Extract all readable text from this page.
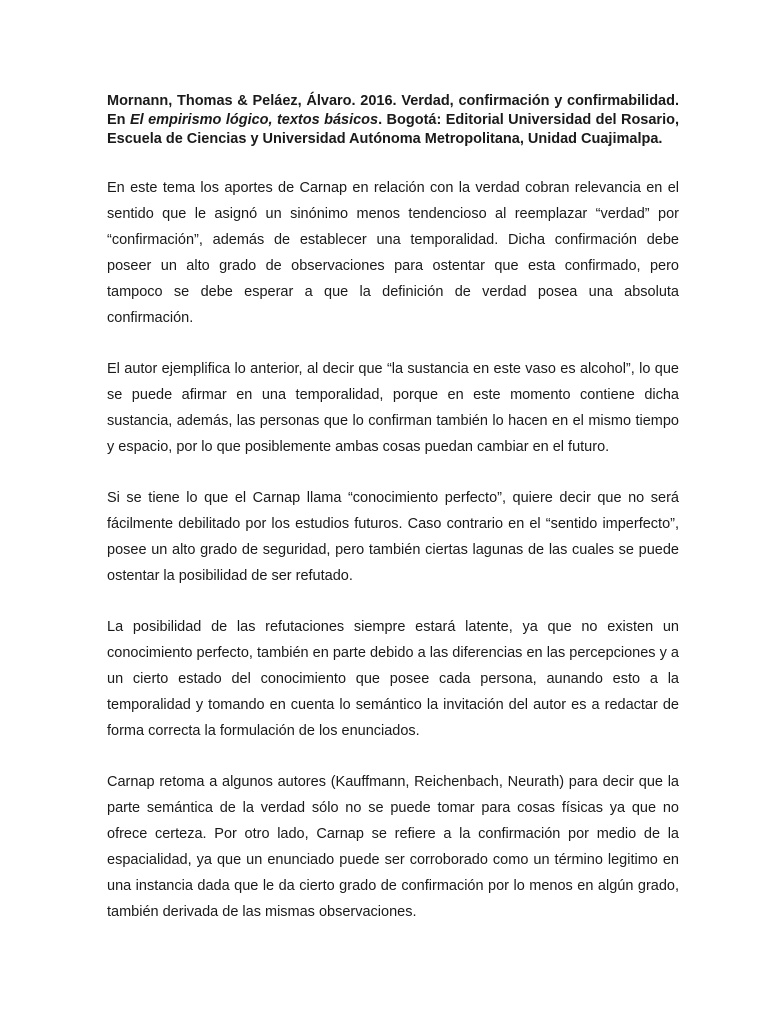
Mornann, Thomas & Peláez, Álvaro. 2016. Verdad, confirmación y confirmabilidad.
En El empirismo lógico, textos básicos. Bogotá: Editorial Universidad del Rosario,
Escuela de Ciencias y Universidad Autónoma Metropolitana, Unidad Cuajimalpa.

En este tema los aportes de Carnap en relación con la verdad cobran relevancia en el sentido que le asignó un sinónimo menos tendencioso al reemplazar “verdad” por “confirmación”, además de establecer una temporalidad. Dicha confirmación debe poseer un alto grado de observaciones para ostentar que esta confirmado, pero tampoco se debe esperar a que la definición de verdad posea una absoluta confirmación.

El autor ejemplifica lo anterior, al decir que “la sustancia en este vaso es alcohol”, lo que se puede afirmar en una temporalidad, porque en este momento contiene dicha sustancia, además, las personas que lo confirman también lo hacen en el mismo tiempo y espacio, por lo que posiblemente ambas cosas puedan cambiar en el futuro.

Si se tiene lo que el Carnap llama “conocimiento perfecto”, quiere decir que no será fácilmente debilitado por los estudios futuros. Caso contrario en el “sentido imperfecto”, posee un alto grado de seguridad, pero también ciertas lagunas de las cuales se puede ostentar la posibilidad de ser refutado.

La posibilidad de las refutaciones siempre estará latente, ya que no existen un conocimiento perfecto, también en parte debido a las diferencias en las percepciones y a un cierto estado del conocimiento que posee cada persona, aunando esto a la temporalidad y tomando en cuenta lo semántico la invitación del autor es a redactar de forma correcta la formulación de los enunciados.

Carnap retoma a algunos autores (Kauffmann, Reichenbach, Neurath) para decir que la parte semántica de la verdad sólo no se puede tomar para cosas físicas ya que no ofrece certeza. Por otro lado, Carnap se refiere a la confirmación por medio de la espacialidad, ya que un enunciado puede ser corroborado como un término legitimo en una instancia dada que le da cierto grado de confirmación por lo menos en algún grado, también derivada de las mismas observaciones.
